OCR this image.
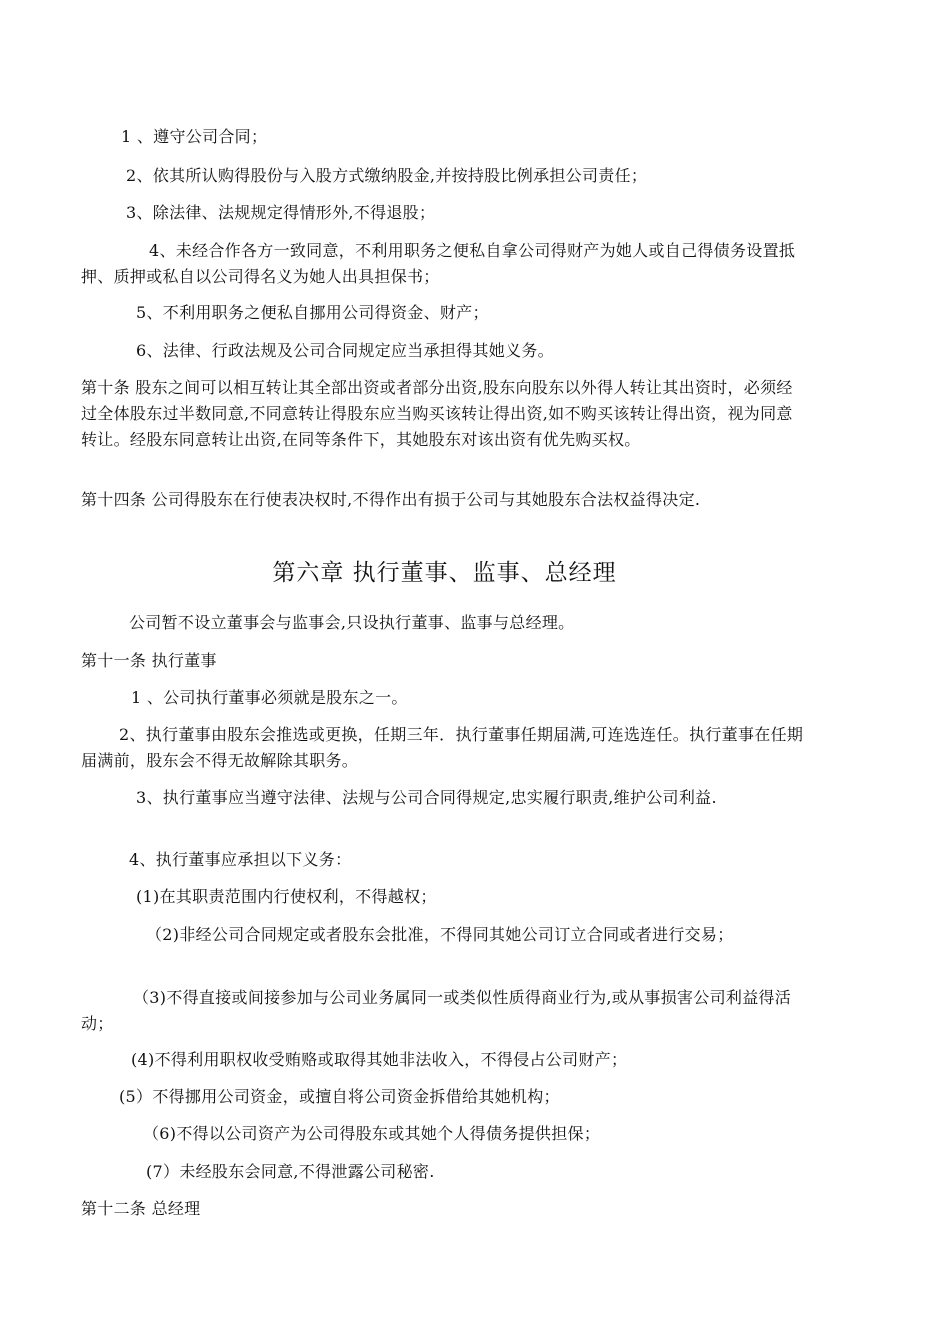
1 、遵守公司合同；

2、依其所认购得股份与入股方式缴纳股金,并按持股比例承担公司责任；

3、除法律、法规规定得情形外,不得退股；

4、未经合作各方一致同意，不利用职务之便私自拿公司得财产为她人或自己得债务设置抵押、质押或私自以公司得名义为她人出具担保书；

5、不利用职务之便私自挪用公司得资金、财产；

6、法律、行政法规及公司合同规定应当承担得其她义务。

第十条 股东之间可以相互转让其全部出资或者部分出资,股东向股东以外得人转让其出资时，必须经过全体股东过半数同意,不同意转让得股东应当购买该转让得出资,如不购买该转让得出资，视为同意转让。经股东同意转让出资,在同等条件下，其她股东对该出资有优先购买权。

第十四条 公司得股东在行使表决权时,不得作出有损于公司与其她股东合法权益得决定.

第六章 执行董事、监事、总经理

公司暂不设立董事会与监事会,只设执行董事、监事与总经理。

第十一条 执行董事

1 、公司执行董事必须就是股东之一。

2、执行董事由股东会推选或更换，任期三年．执行董事任期届满,可连选连任。执行董事在任期届满前，股东会不得无故解除其职务。

3、执行董事应当遵守法律、法规与公司合同得规定,忠实履行职责,维护公司利益.

4、执行董事应承担以下义务：

(1)在其职责范围内行使权利，不得越权；

（2)非经公司合同规定或者股东会批准，不得同其她公司订立合同或者进行交易；

（3)不得直接或间接参加与公司业务属同一或类似性质得商业行为,或从事损害公司利益得活动；

(4)不得利用职权收受贿赂或取得其她非法收入，不得侵占公司财产；

(5）不得挪用公司资金，或擅自将公司资金拆借给其她机构；

（6)不得以公司资产为公司得股东或其她个人得债务提供担保；

(7）未经股东会同意,不得泄露公司秘密.

第十二条 总经理
